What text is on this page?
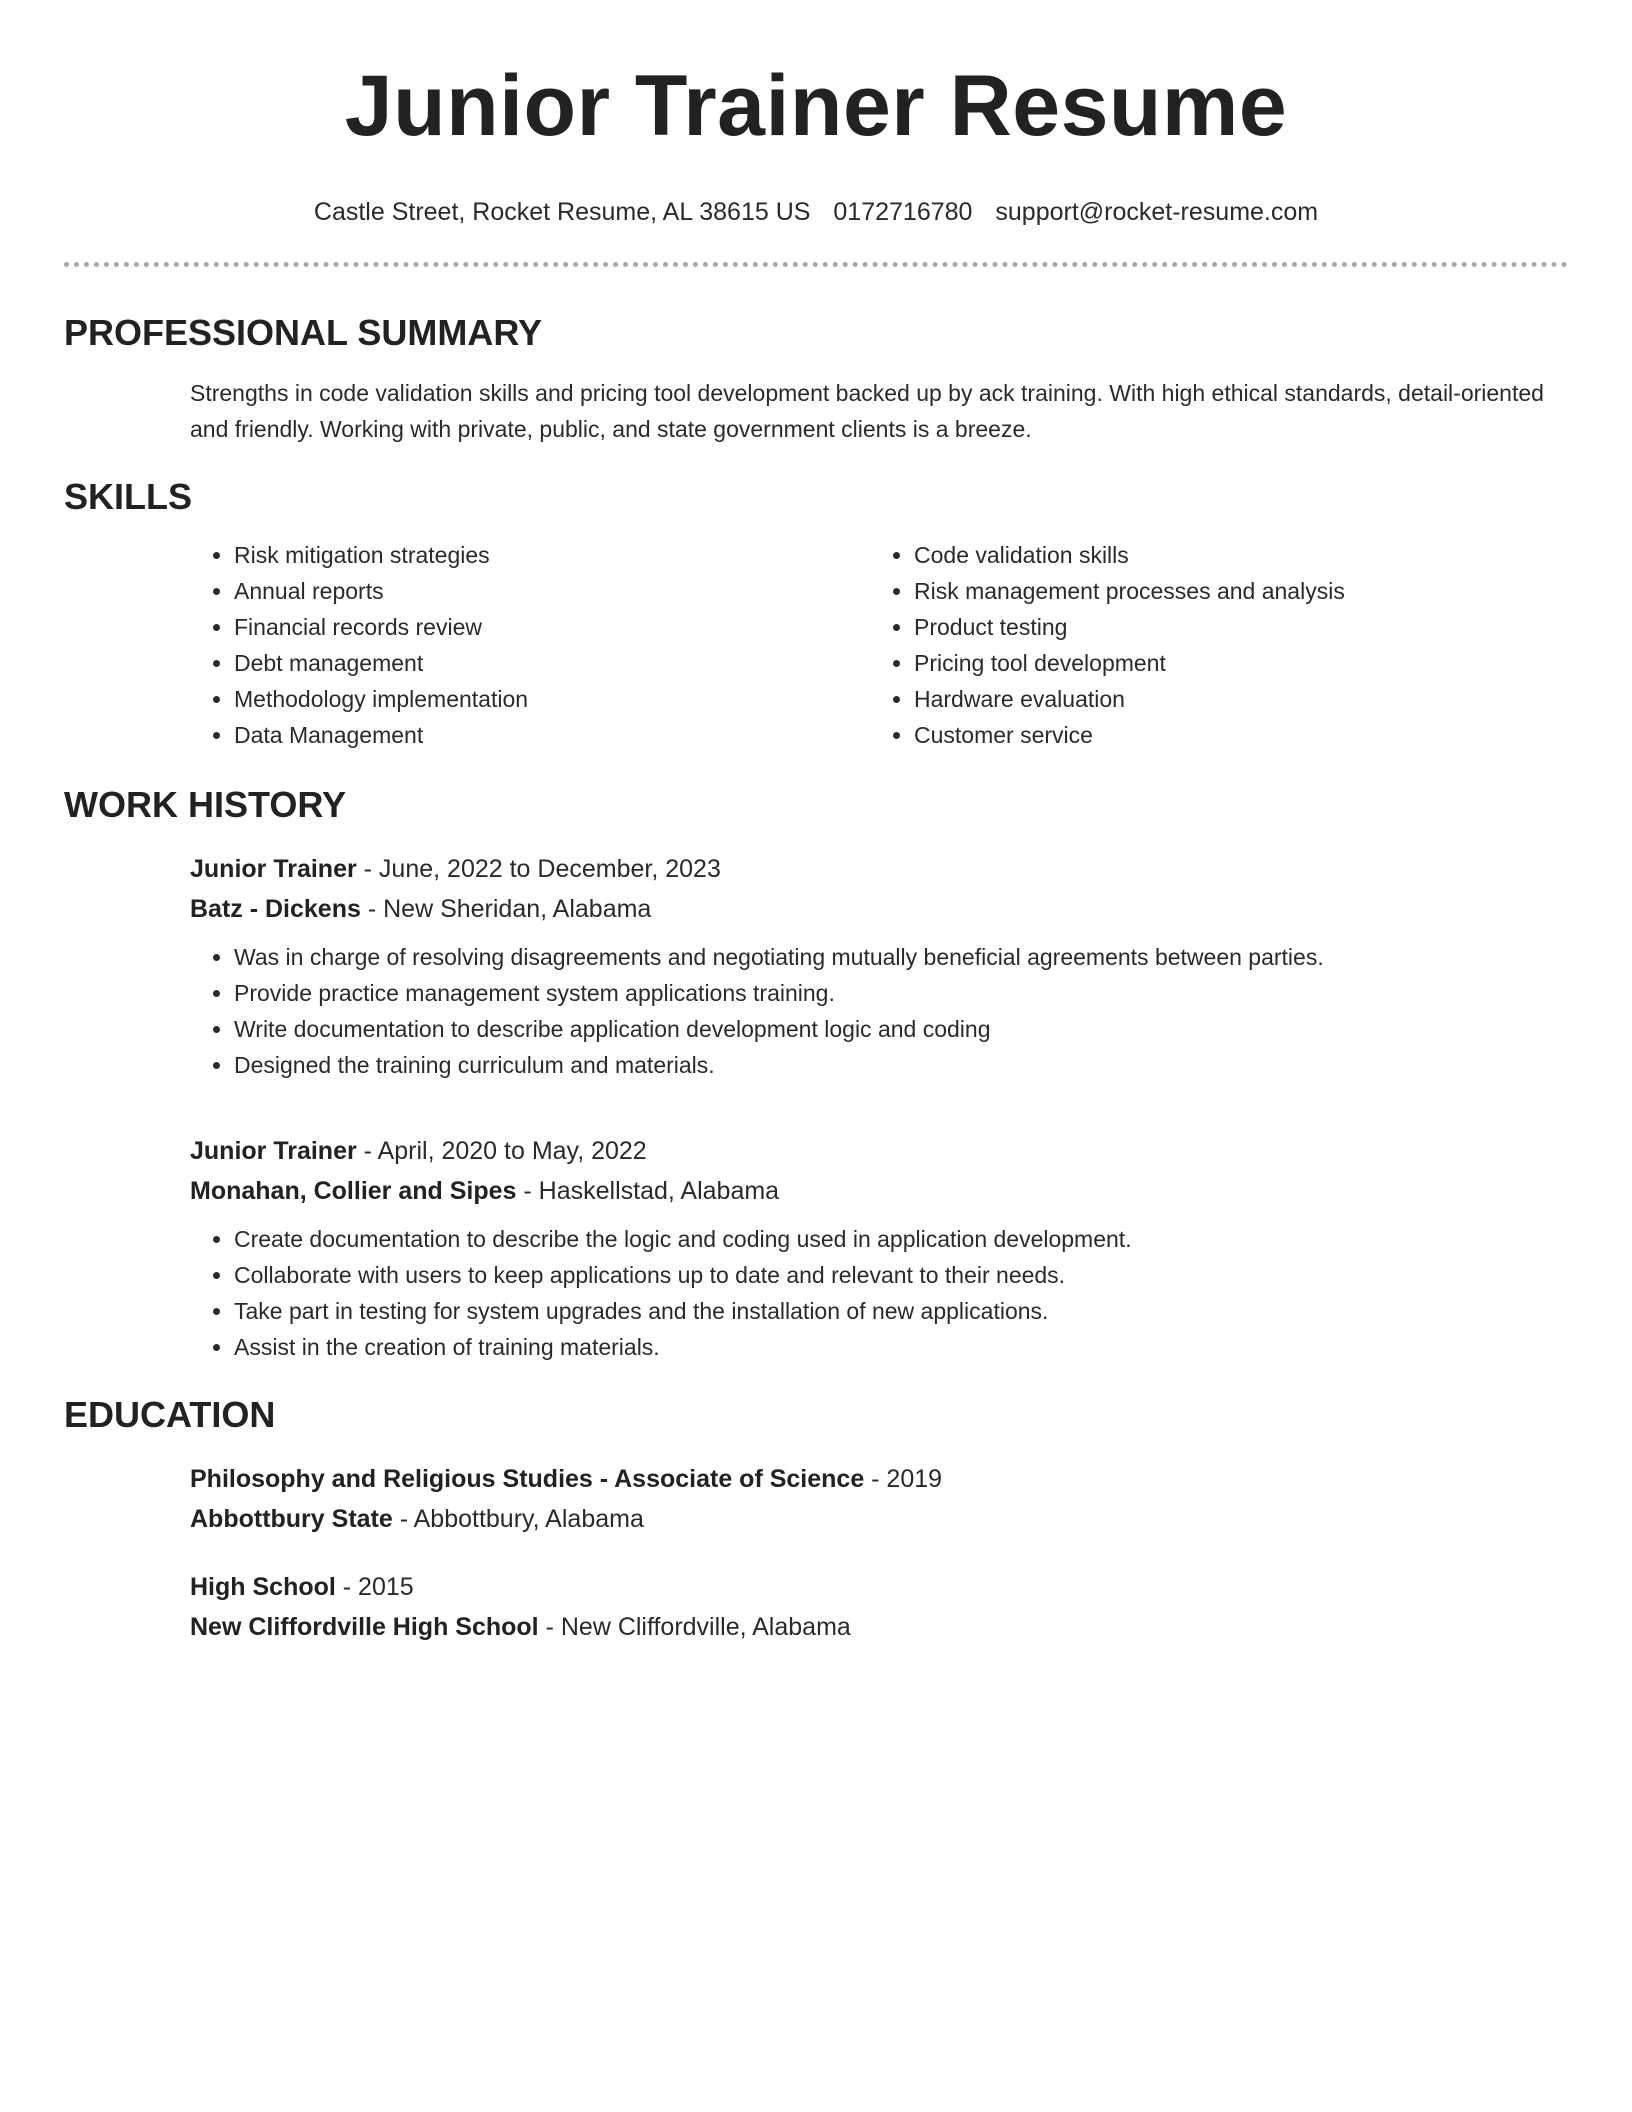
Junior Trainer Resume
Castle Street, Rocket Resume, AL 38615 US 0172716780 support@rocket-resume.com
PROFESSIONAL SUMMARY
Strengths in code validation skills and pricing tool development backed up by ack training. With high ethical standards, detail-oriented and friendly. Working with private, public, and state government clients is a breeze.
SKILLS
• Risk mitigation strategies
• Annual reports
• Financial records review
• Debt management
• Methodology implementation
• Data Management
• Code validation skills
• Risk management processes and analysis
• Product testing
• Pricing tool development
• Hardware evaluation
• Customer service
WORK HISTORY
Junior Trainer - June, 2022 to December, 2023
Batz - Dickens - New Sheridan, Alabama
• Was in charge of resolving disagreements and negotiating mutually beneficial agreements between parties.
• Provide practice management system applications training.
• Write documentation to describe application development logic and coding
• Designed the training curriculum and materials.
Junior Trainer - April, 2020 to May, 2022
Monahan, Collier and Sipes - Haskellstad, Alabama
• Create documentation to describe the logic and coding used in application development.
• Collaborate with users to keep applications up to date and relevant to their needs.
• Take part in testing for system upgrades and the installation of new applications.
• Assist in the creation of training materials.
EDUCATION
Philosophy and Religious Studies - Associate of Science - 2019
Abbottbury State - Abbottbury, Alabama
High School - 2015
New Cliffordville High School - New Cliffordville, Alabama
